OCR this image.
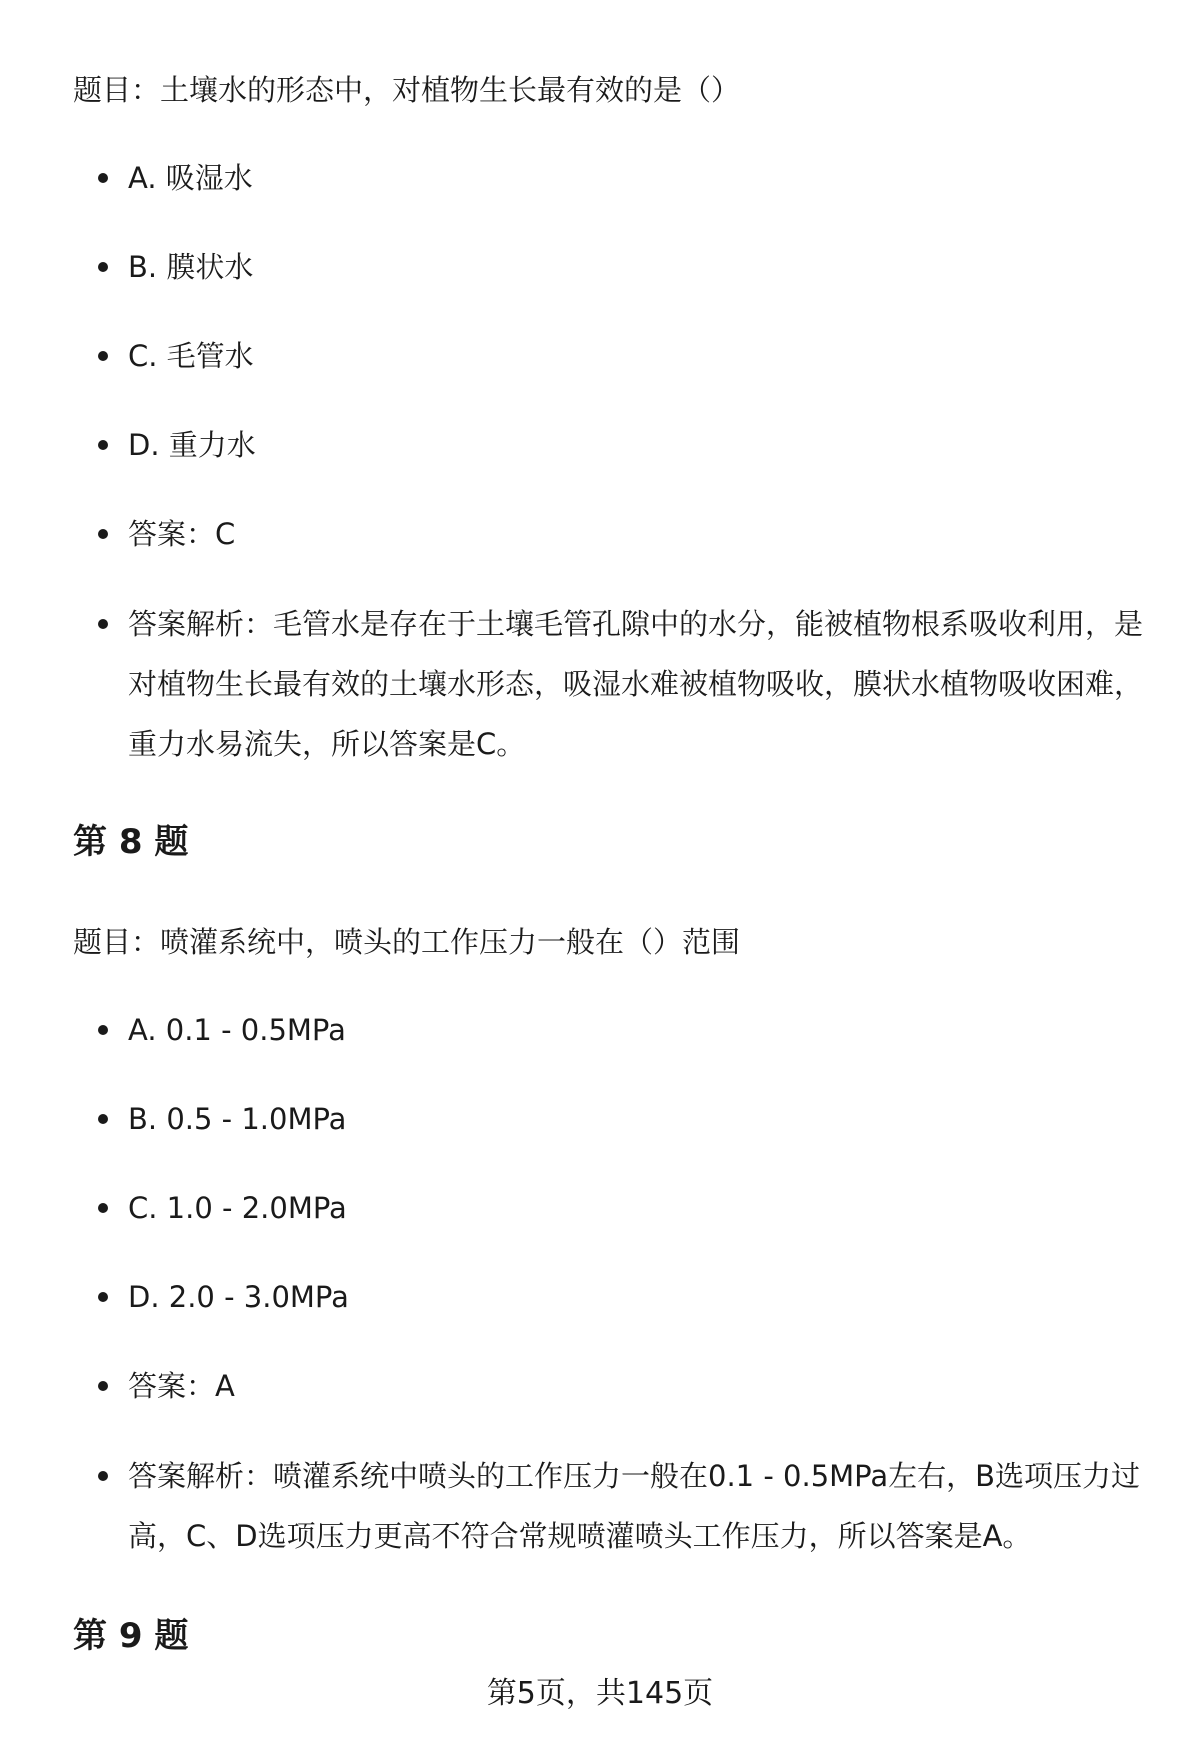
题目：土壤水的形态中，对植物生长最有效的是（）
A. 吸湿水
B. 膜状水
C. 毛管水
D. 重力水
答案：C
答案解析：毛管水是存在于土壤毛管孔隙中的水分，能被植物根系吸收利用，是对植物生长最有效的土壤水形态，吸湿水难被植物吸收，膜状水植物吸收困难，重力水易流失，所以答案是C。
第 8 题
题目：喷灌系统中，喷头的工作压力一般在（）范围
A. 0.1 - 0.5MPa
B. 0.5 - 1.0MPa
C. 1.0 - 2.0MPa
D. 2.0 - 3.0MPa
答案：A
答案解析：喷灌系统中喷头的工作压力一般在0.1 - 0.5MPa左右，B选项压力过高，C、D选项压力更高不符合常规喷灌喷头工作压力，所以答案是A。
第 9 题
第5页，共145页
